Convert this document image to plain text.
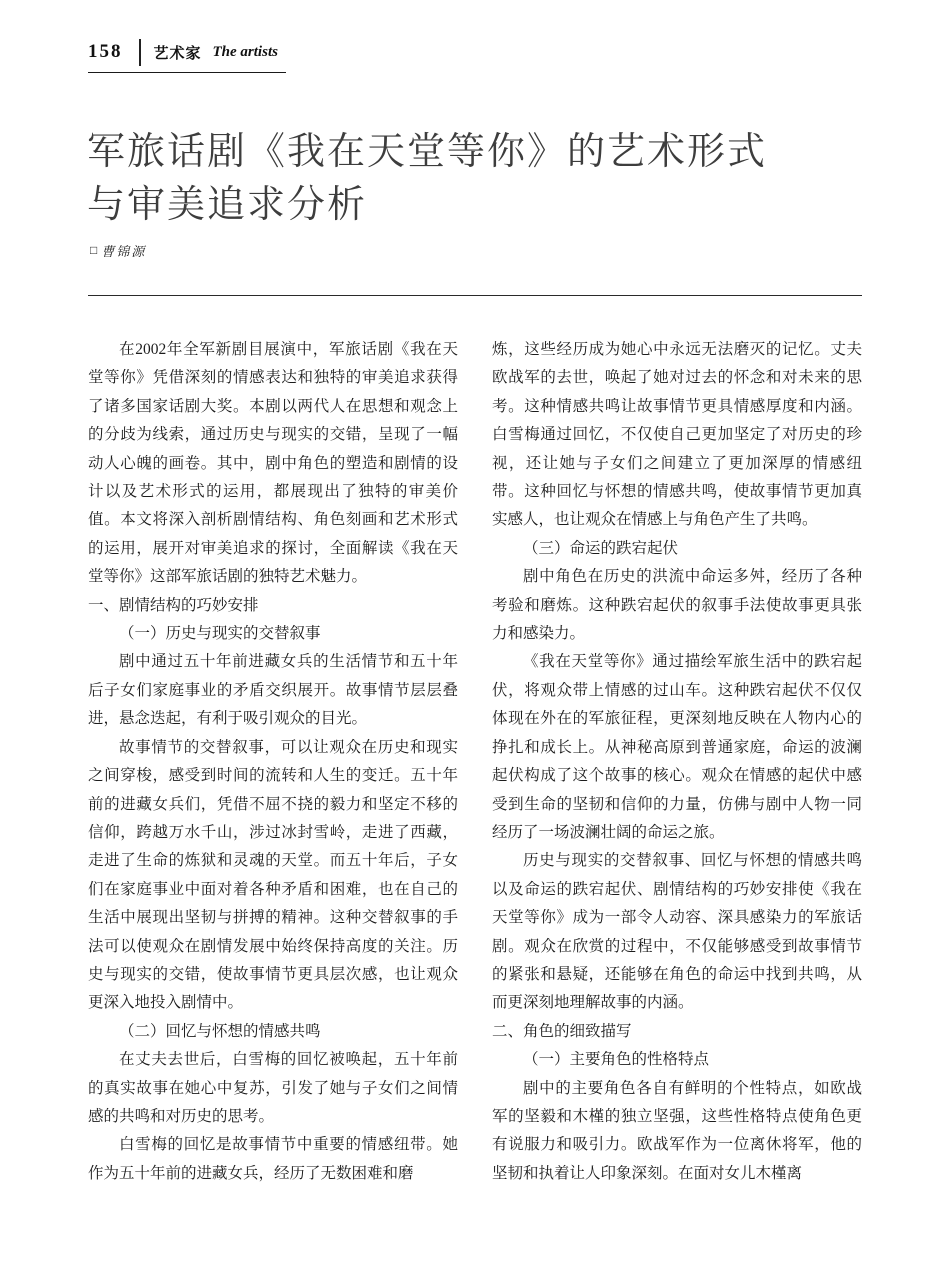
158 艺术家 The artists
军旅话剧《我在天堂等你》的艺术形式
与审美追求分析
□ 曹锦源

在2002年全军新剧目展演中，军旅话剧《我在天堂等你》凭借深刻的情感表达和独特的审美追求获得了诸多国家话剧大奖。本剧以两代人在思想和观念上的分歧为线索，通过历史与现实的交错，呈现了一幅动人心魄的画卷。其中，剧中角色的塑造和剧情的设计以及艺术形式的运用，都展现出了独特的审美价值。本文将深入剖析剧情结构、角色刻画和艺术形式的运用，展开对审美追求的探讨，全面解读《我在天堂等你》这部军旅话剧的独特艺术魅力。

一、剧情结构的巧妙安排

（一）历史与现实的交替叙事

剧中通过五十年前进藏女兵的生活情节和五十年后子女们家庭事业的矛盾交织展开。故事情节层层叠进，悬念迭起，有利于吸引观众的目光。

故事情节的交替叙事，可以让观众在历史和现实之间穿梭，感受到时间的流转和人生的变迁。五十年前的进藏女兵们，凭借不屈不挠的毅力和坚定不移的信仰，跨越万水千山，涉过冰封雪岭，走进了西藏，走进了生命的炼狱和灵魂的天堂。而五十年后，子女们在家庭事业中面对着各种矛盾和困难，也在自己的生活中展现出坚韧与拼搏的精神。这种交替叙事的手法可以使观众在剧情发展中始终保持高度的关注。历史与现实的交错，使故事情节更具层次感，也让观众更深入地投入剧情中。

（二）回忆与怀想的情感共鸣

在丈夫去世后，白雪梅的回忆被唤起，五十年前的真实故事在她心中复苏，引发了她与子女们之间情感的共鸣和对历史的思考。

白雪梅的回忆是故事情节中重要的情感纽带。她作为五十年前的进藏女兵，经历了无数困难和磨

炼，这些经历成为她心中永远无法磨灭的记忆。丈夫欧战军的去世，唤起了她对过去的怀念和对未来的思考。这种情感共鸣让故事情节更具情感厚度和内涵。白雪梅通过回忆，不仅使自己更加坚定了对历史的珍视，还让她与子女们之间建立了更加深厚的情感纽带。这种回忆与怀想的情感共鸣，使故事情节更加真实感人，也让观众在情感上与角色产生了共鸣。

（三）命运的跌宕起伏

剧中角色在历史的洪流中命运多舛，经历了各种考验和磨炼。这种跌宕起伏的叙事手法使故事更具张力和感染力。

《我在天堂等你》通过描绘军旅生活中的跌宕起伏，将观众带上情感的过山车。这种跌宕起伏不仅仅体现在外在的军旅征程，更深刻地反映在人物内心的挣扎和成长上。从神秘高原到普通家庭，命运的波澜起伏构成了这个故事的核心。观众在情感的起伏中感受到生命的坚韧和信仰的力量，仿佛与剧中人物一同经历了一场波澜壮阔的命运之旅。

历史与现实的交替叙事、回忆与怀想的情感共鸣以及命运的跌宕起伏、剧情结构的巧妙安排使《我在天堂等你》成为一部令人动容、深具感染力的军旅话剧。观众在欣赏的过程中，不仅能够感受到故事情节的紧张和悬疑，还能够在角色的命运中找到共鸣，从而更深刻地理解故事的内涵。

二、角色的细致描写

（一）主要角色的性格特点

剧中的主要角色各自有鲜明的个性特点，如欧战军的坚毅和木槿的独立坚强，这些性格特点使角色更有说服力和吸引力。欧战军作为一位离休将军，他的坚韧和执着让人印象深刻。在面对女儿木槿离
